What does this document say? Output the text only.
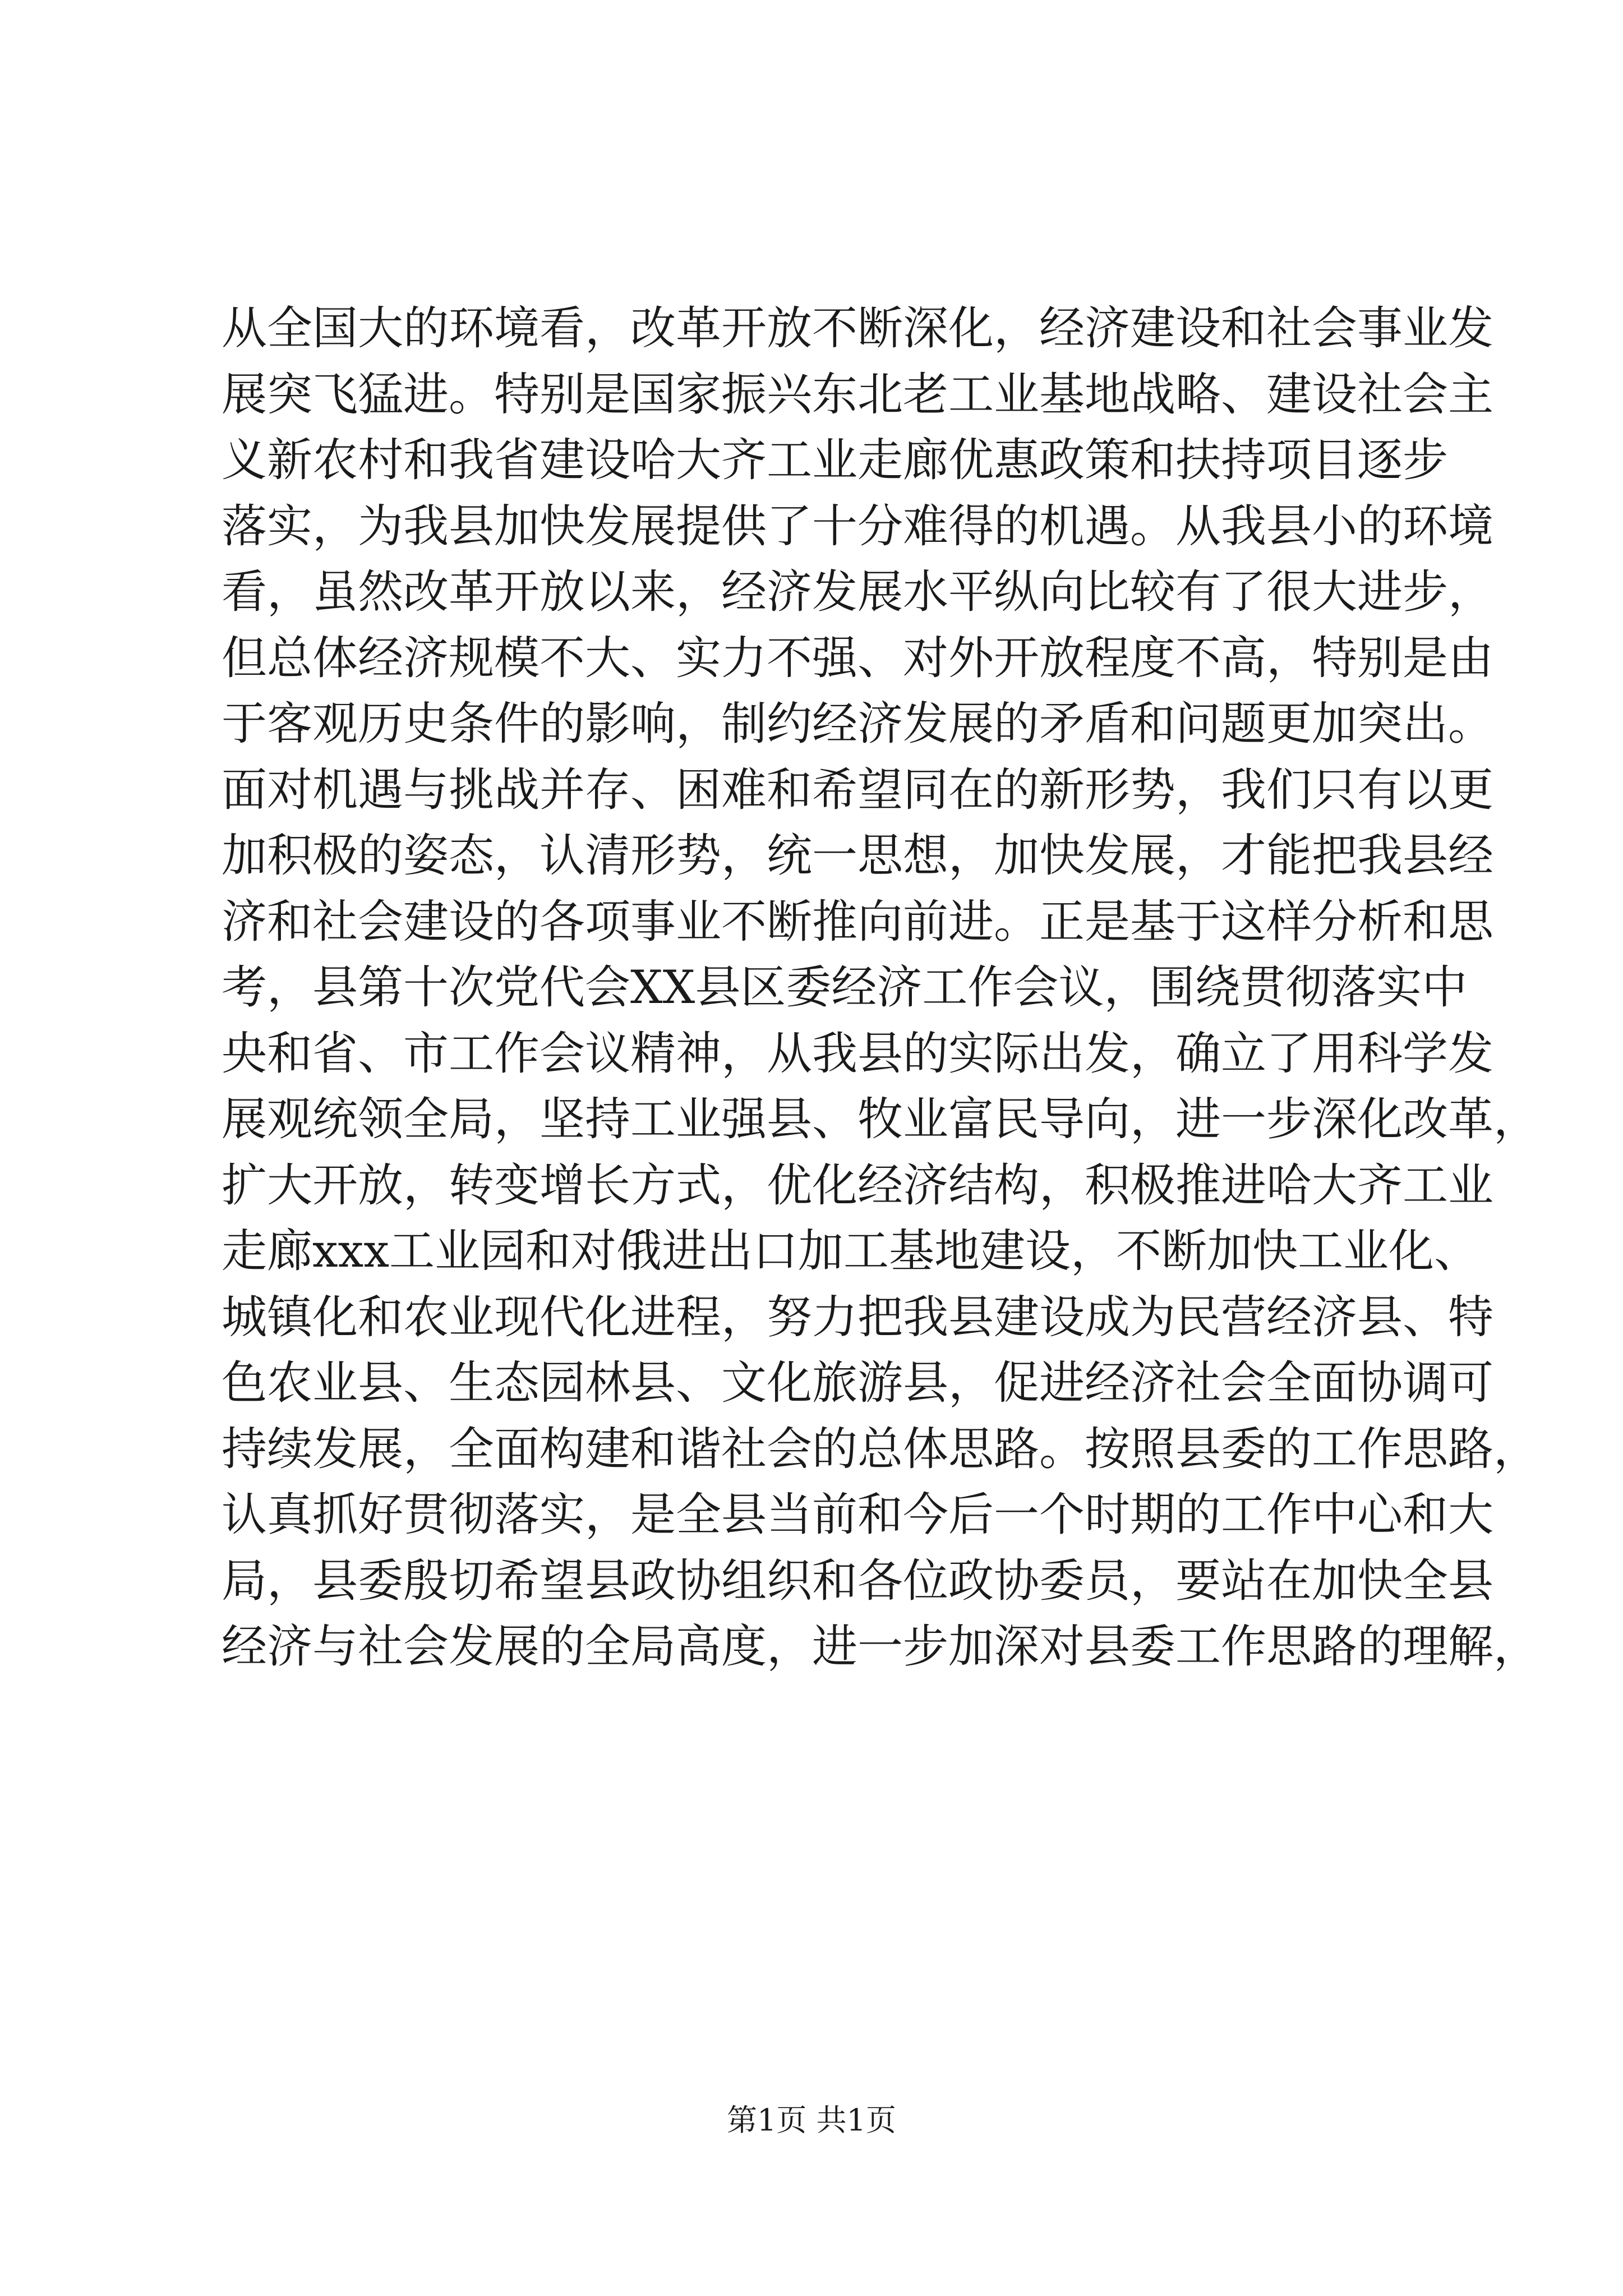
从全国大的环境看，改革开放不断深化，经济建设和社会事业发
展突飞猛进。特别是国家振兴东北老工业基地战略、建设社会主
义新农村和我省建设哈大齐工业走廊优惠政策和扶持项目逐步
落实，为我县加快发展提供了十分难得的机遇。从我县小的环境
看，虽然改革开放以来，经济发展水平纵向比较有了很大进步，
但总体经济规模不大、实力不强、对外开放程度不高，特别是由
于客观历史条件的影响，制约经济发展的矛盾和问题更加突出。
面对机遇与挑战并存、困难和希望同在的新形势，我们只有以更
加积极的姿态，认清形势，统一思想，加快发展，才能把我县经
济和社会建设的各项事业不断推向前进。正是基于这样分析和思
考，县第十次党代会XX县区委经济工作会议，围绕贯彻落实中
央和省、市工作会议精神，从我县的实际出发，确立了用科学发
展观统领全局，坚持工业强县、牧业富民导向，进一步深化改革，
扩大开放，转变增长方式，优化经济结构，积极推进哈大齐工业
走廊xxx工业园和对俄进出口加工基地建设，不断加快工业化、
城镇化和农业现代化进程，努力把我县建设成为民营经济县、特
色农业县、生态园林县、文化旅游县，促进经济社会全面协调可
持续发展，全面构建和谐社会的总体思路。按照县委的工作思路，
认真抓好贯彻落实，是全县当前和今后一个时期的工作中心和大
局，县委殷切希望县政协组织和各位政协委员，要站在加快全县
经济与社会发展的全局高度，进一步加深对县委工作思路的理解，
第1页 共1页
